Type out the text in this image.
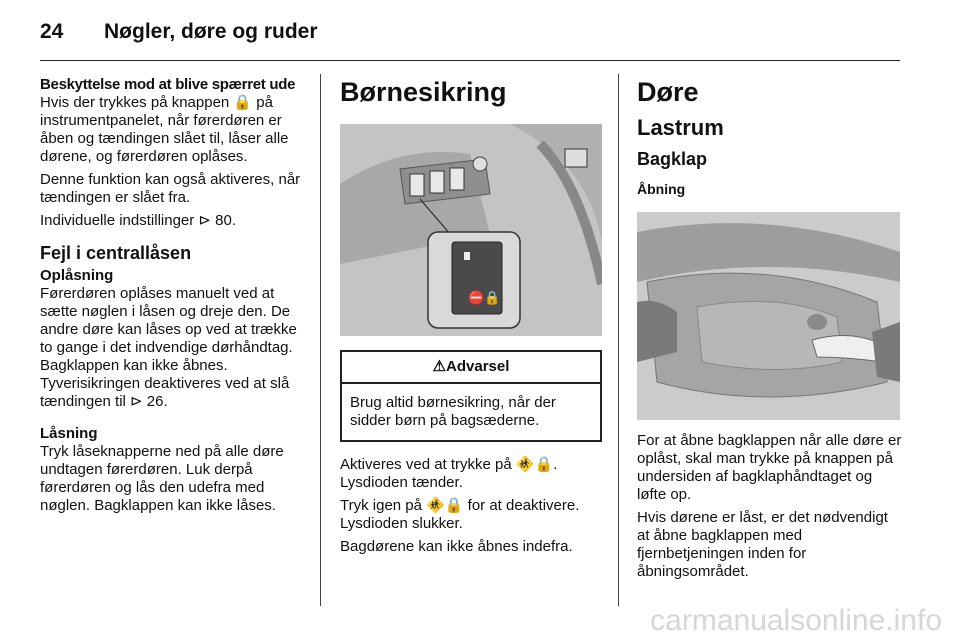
24 Nøgler, døre og ruder

Beskyttelse mod at blive spærret ude

Hvis der trykkes på knappen 🔒 på instrumentpanelet, når førerdøren er åben og tændingen slået til, låser alle dørene, og førerdøren oplåses.

Denne funktion kan også aktiveres, når tændingen er slået fra.

Individuelle indstillinger ⊳ 80.

Fejl i centrallåsen

Oplåsning

Førerdøren oplåses manuelt ved at sætte nøglen i låsen og dreje den. De andre døre kan låses op ved at trække to gange i det indvendige dørhåndtag. Bagklappen kan ikke åbnes. Tyverisikringen deaktiveres ved at slå tændingen til ⊳ 26.

Låsning

Tryk låseknapperne ned på alle døre undtagen førerdøren. Luk derpå førerdøren og lås den udefra med nøglen. Bagklappen kan ikke låses.

Børnesikring
⛔🔒
⚠Advarsel
Brug altid børnesikring, når der sidder børn på bagsæderne.

Aktiveres ved at trykke på 🚸🔒. Lysdioden tænder.

Tryk igen på 🚸🔒 for at deaktivere. Lysdioden slukker.

Bagdørene kan ikke åbnes indefra.

Døre
Lastrum
Bagklap
Åbning

For at åbne bagklappen når alle døre er oplåst, skal man trykke på knappen på undersiden af bagklaphåndtaget og løfte op.

Hvis dørene er låst, er det nødvendigt at åbne bagklappen med fjernbetjeningen inden for åbningsområdet.

carmanualsonline.info
